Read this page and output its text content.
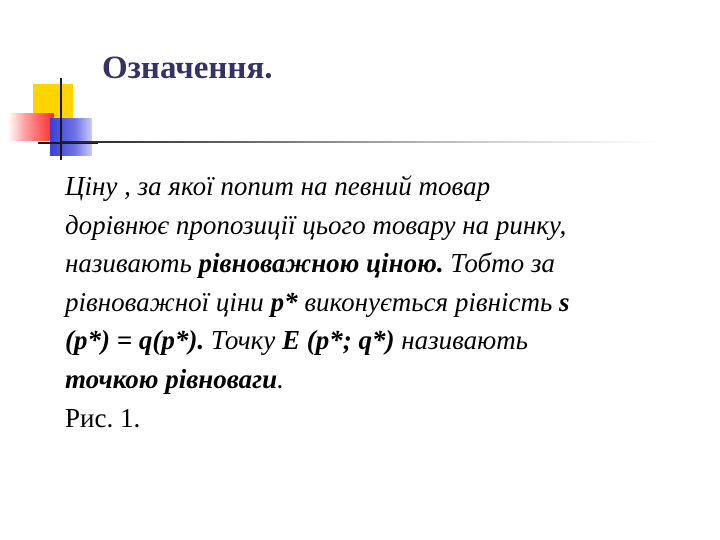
Означення.

Ціну , за якої попит на певний товар

дорівнює пропозиції цього товару на ринку,

називають рівноважною ціною. Тобто за

рівноважної ціни р* виконується рівність s

(р*) = q(p*). Точку Е (р*; q*) називають

точкою рівноваги.

Рис. 1.
